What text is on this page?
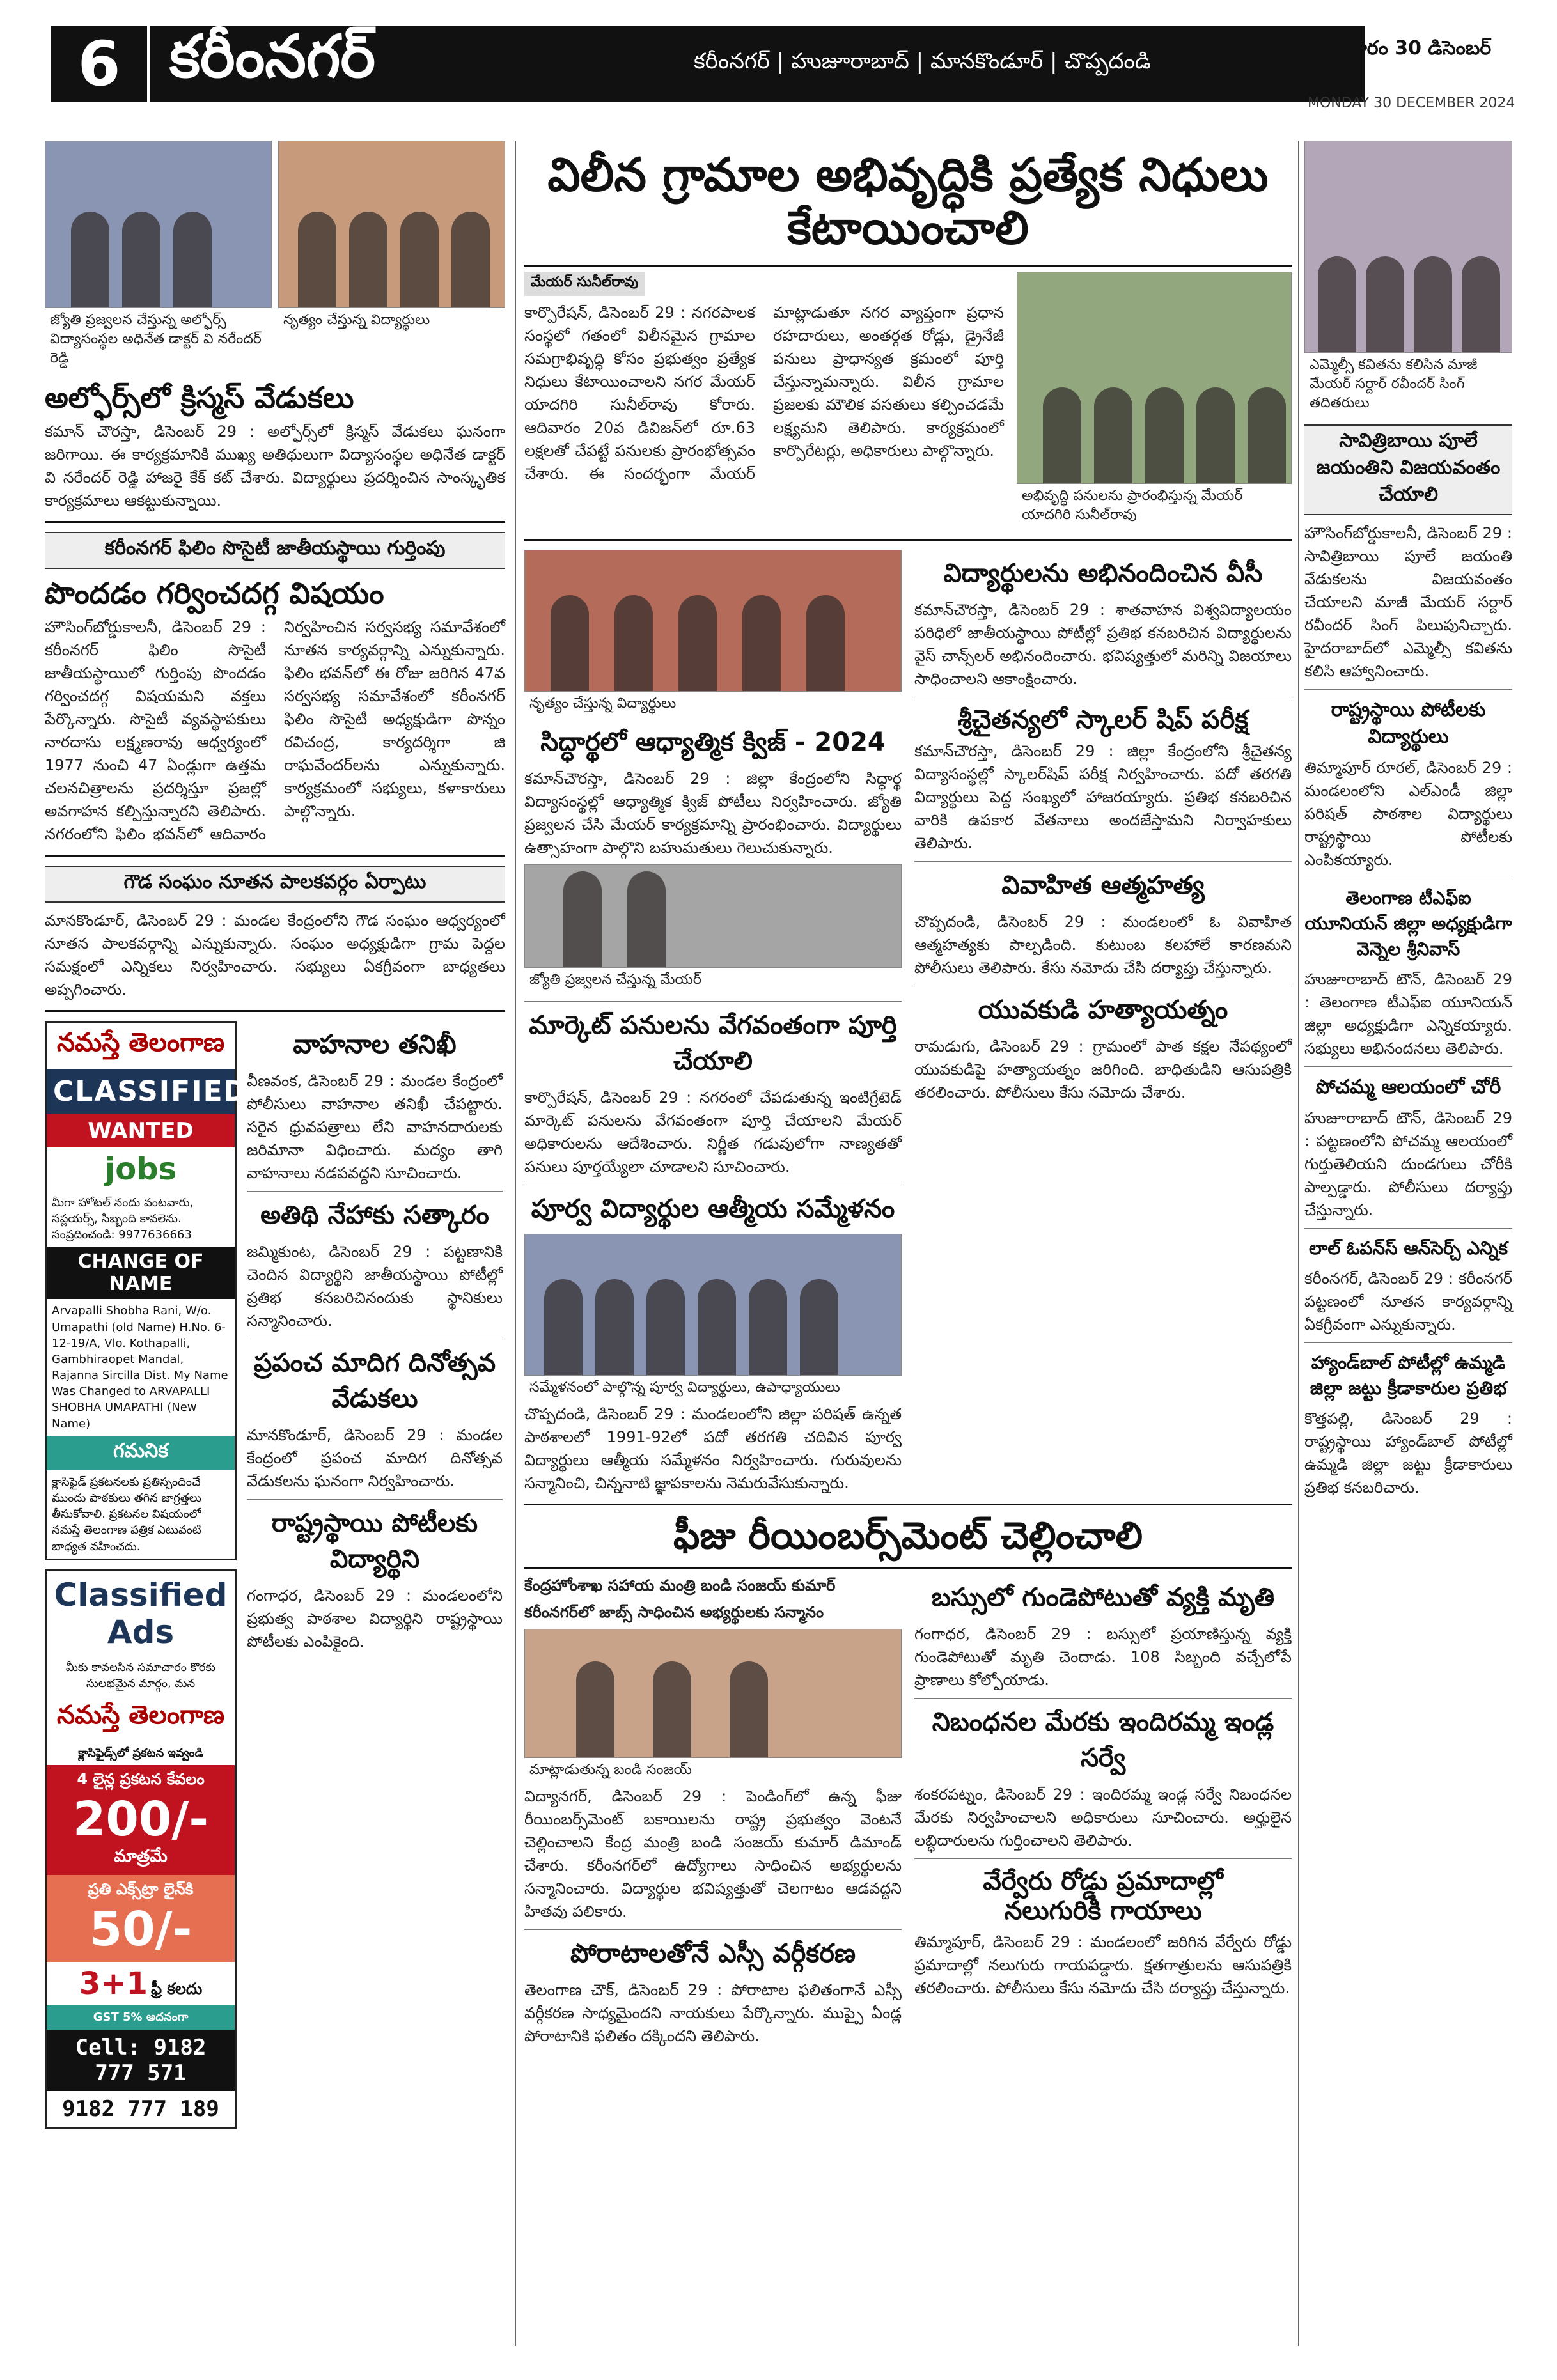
6 కరీంనగర్	కరీంనగర్ | హుజూరాబాద్ | మానకొండూర్ | చొప్పదండి
సోమవారం 30 డిసెంబర్ 2024
MONDAY 30 DECEMBER 2024
జ్యోతి ప్రజ్వలన చేస్తున్న అల్ఫోర్స్ విద్యాసంస్థల అధినేత డాక్టర్ వి నరేందర్ రెడ్డి
నృత్యం చేస్తున్న విద్యార్థులు
అల్ఫోర్స్‌లో క్రిస్మస్ వేడుకలు
కమాన్ చౌరస్తా, డిసెంబర్ 29 : అల్ఫోర్స్‌లో క్రిస్మస్ వేడుకలు ఘనంగా జరిగాయి. ఈ కార్యక్రమానికి ముఖ్య అతిథులుగా విద్యాసంస్థల అధినేత డాక్టర్ వి నరేందర్ రెడ్డి హాజరై కేక్ కట్ చేశారు. విద్యార్థులు ప్రదర్శించిన సాంస్కృతిక కార్యక్రమాలు ఆకట్టుకున్నాయి.
కరీంనగర్ ఫిలిం సొసైటీ జాతీయస్థాయి గుర్తింపు
పొందడం గర్వించదగ్గ విషయం
హౌసింగ్‌బోర్డుకాలనీ, డిసెంబర్ 29 : కరీంనగర్ ఫిలిం సొసైటీ జాతీయస్థాయిలో గుర్తింపు పొందడం గర్వించదగ్గ విషయమని వక్తలు పేర్కొన్నారు. సొసైటీ వ్యవస్థాపకులు నారదాసు లక్ష్మణరావు ఆధ్వర్యంలో 1977 నుంచి 47 ఏండ్లుగా ఉత్తమ చలనచిత్రాలను ప్రదర్శిస్తూ ప్రజల్లో అవగాహన కల్పిస్తున్నారని తెలిపారు. నగరంలోని ఫిలిం భవన్‌లో ఆదివారం నిర్వహించిన సర్వసభ్య సమావేశంలో నూతన కార్యవర్గాన్ని ఎన్నుకున్నారు. ఫిలిం భవన్‌లో ఈ రోజు జరిగిన 47వ సర్వసభ్య సమావేశంలో కరీంనగర్ ఫిలిం సొసైటీ అధ్యక్షుడిగా పొన్నం రవిచంద్ర, కార్యదర్శిగా జి రాఘవేందర్‌లను ఎన్నుకున్నారు. కార్యక్రమంలో సభ్యులు, కళాకారులు పాల్గొన్నారు.
గౌడ సంఘం నూతన పాలకవర్గం ఏర్పాటు
మానకొండూర్, డిసెంబర్ 29 : మండల కేంద్రంలోని గౌడ సంఘం ఆధ్వర్యంలో నూతన పాలకవర్గాన్ని ఎన్నుకున్నారు. సంఘం అధ్యక్షుడిగా గ్రామ పెద్దల సమక్షంలో ఎన్నికలు నిర్వహించారు. సభ్యులు ఏకగ్రీవంగా బాధ్యతలు అప్పగించారు.
నమస్తే తెలంగాణ
CLASSIFIED
WANTED
jobs
మీగా హోటల్ నందు వంటవారు, సప్లయర్స్, సిబ్బంది కావలెను. సంప్రదించండి: 9977636663
CHANGE OF NAME
Arvapalli Shobha Rani, W/o. Umapathi (old Name) H.No. 6-12-19/A, Vlo. Kothapalli, Gambhiraopet Mandal, Rajanna Sircilla Dist. My Name Was Changed to ARVAPALLI SHOBHA UMAPATHI (New Name)
గమనిక
క్లాసిఫైడ్ ప్రకటనలకు ప్రతిస్పందించే ముందు పాఠకులు తగిన జాగ్రత్తలు తీసుకోవాలి. ప్రకటనల విషయంలో నమస్తే తెలంగాణ పత్రిక ఎటువంటి బాధ్యత వహించదు.
Classified Ads
మీకు కావలసిన సమాచారం కొరకు సులభమైన మార్గం, మన
నమస్తే తెలంగాణ
క్లాసిఫైడ్స్‌లో ప్రకటన ఇవ్వండి
4 లైన్ల ప్రకటన కేవలం
200/- మాత్రమే
ప్రతి ఎక్స్‌ట్రా లైన్‌కి
50/-
3+1 ఫ్రీ కలదు
GST 5% అదనంగా
Cell: 9182 777 571
9182 777 189
వాహనాల తనిఖీ
వీణవంక, డిసెంబర్ 29 : మండల కేంద్రంలో పోలీసులు వాహనాల తనిఖీ చేపట్టారు. సరైన ధ్రువపత్రాలు లేని వాహనదారులకు జరిమానా విధించారు. మద్యం తాగి వాహనాలు నడపవద్దని సూచించారు.
అతిథి నేహాకు సత్కారం
జమ్మికుంట, డిసెంబర్ 29 : పట్టణానికి చెందిన విద్యార్థిని జాతీయస్థాయి పోటీల్లో ప్రతిభ కనబరిచినందుకు స్థానికులు సన్మానించారు.
ప్రపంచ మాదిగ దినోత్సవ వేడుకలు
మానకొండూర్, డిసెంబర్ 29 : మండల కేంద్రంలో ప్రపంచ మాదిగ దినోత్సవ వేడుకలను ఘనంగా నిర్వహించారు.
రాష్ట్రస్థాయి పోటీలకు విద్యార్థిని
గంగాధర, డిసెంబర్ 29 : మండలంలోని ప్రభుత్వ పాఠశాల విద్యార్థిని రాష్ట్రస్థాయి పోటీలకు ఎంపికైంది.
విలీన గ్రామాల అభివృద్ధికి ప్రత్యేక నిధులు కేటాయించాలి
మేయర్ సునీల్‌రావు
కార్పొరేషన్, డిసెంబర్ 29 : నగరపాలక సంస్థలో గతంలో విలీనమైన గ్రామాల సమగ్రాభివృద్ధి కోసం ప్రభుత్వం ప్రత్యేక నిధులు కేటాయించాలని నగర మేయర్ యాదగిరి సునీల్‌రావు కోరారు. ఆదివారం 20వ డివిజన్‌లో రూ.63 లక్షలతో చేపట్టే పనులకు ప్రారంభోత్సవం చేశారు. ఈ సందర్భంగా మేయర్ మాట్లాడుతూ నగర వ్యాప్తంగా ప్రధాన రహదారులు, అంతర్గత రోడ్లు, డ్రైనేజీ పనులు ప్రాధాన్యత క్రమంలో పూర్తి చేస్తున్నామన్నారు. విలీన గ్రామాల ప్రజలకు మౌలిక వసతులు కల్పించడమే లక్ష్యమని తెలిపారు. కార్యక్రమంలో కార్పొరేటర్లు, అధికారులు పాల్గొన్నారు.
అభివృద్ధి పనులను ప్రారంభిస్తున్న మేయర్ యాదగిరి సునీల్‌రావు
నృత్యం చేస్తున్న విద్యార్థులు
సిద్ధార్థలో ఆధ్యాత్మిక క్విజ్‌ - 2024
కమాన్‌చౌరస్తా, డిసెంబర్ 29 : జిల్లా కేంద్రంలోని సిద్ధార్థ విద్యాసంస్థల్లో ఆధ్యాత్మిక క్విజ్ పోటీలు నిర్వహించారు. జ్యోతి ప్రజ్వలన చేసి మేయర్ కార్యక్రమాన్ని ప్రారంభించారు. విద్యార్థులు ఉత్సాహంగా పాల్గొని బహుమతులు గెలుచుకున్నారు.
జ్యోతి ప్రజ్వలన చేస్తున్న మేయర్
మార్కెట్ పనులను వేగవంతంగా పూర్తి చేయాలి
కార్పొరేషన్, డిసెంబర్ 29 : నగరంలో చేపడుతున్న ఇంటిగ్రేటెడ్ మార్కెట్ పనులను వేగవంతంగా పూర్తి చేయాలని మేయర్ అధికారులను ఆదేశించారు. నిర్ణీత గడువులోగా నాణ్యతతో పనులు పూర్తయ్యేలా చూడాలని సూచించారు.
పూర్వ విద్యార్థుల ఆత్మీయ సమ్మేళనం
సమ్మేళనంలో పాల్గొన్న పూర్వ విద్యార్థులు, ఉపాధ్యాయులు
చొప్పదండి, డిసెంబర్ 29 : మండలంలోని జిల్లా పరిషత్ ఉన్నత పాఠశాలలో 1991-92లో పదో తరగతి చదివిన పూర్వ విద్యార్థులు ఆత్మీయ సమ్మేళనం నిర్వహించారు. గురువులను సన్మానించి, చిన్ననాటి జ్ఞాపకాలను నెమరువేసుకున్నారు.
విద్యార్థులను అభినందించిన వీసీ
కమాన్‌చౌరస్తా, డిసెంబర్ 29 : శాతవాహన విశ్వవిద్యాలయం పరిధిలో జాతీయస్థాయి పోటీల్లో ప్రతిభ కనబరిచిన విద్యార్థులను వైస్ చాన్స్‌లర్ అభినందించారు. భవిష్యత్తులో మరిన్ని విజయాలు సాధించాలని ఆకాంక్షించారు.
శ్రీచైతన్యలో స్కాలర్ షిప్ పరీక్ష
కమాన్‌చౌరస్తా, డిసెంబర్ 29 : జిల్లా కేంద్రంలోని శ్రీచైతన్య విద్యాసంస్థల్లో స్కాలర్‌షిప్ పరీక్ష నిర్వహించారు. పదో తరగతి విద్యార్థులు పెద్ద సంఖ్యలో హాజరయ్యారు. ప్రతిభ కనబరిచిన వారికి ఉపకార వేతనాలు అందజేస్తామని నిర్వాహకులు తెలిపారు.
వివాహిత ఆత్మహత్య
చొప్పదండి, డిసెంబర్ 29 : మండలంలో ఓ వివాహిత ఆత్మహత్యకు పాల్పడింది. కుటుంబ కలహాలే కారణమని పోలీసులు తెలిపారు. కేసు నమోదు చేసి దర్యాప్తు చేస్తున్నారు.
యువకుడి హత్యాయత్నం
రామడుగు, డిసెంబర్ 29 : గ్రామంలో పాత కక్షల నేపథ్యంలో యువకుడిపై హత్యాయత్నం జరిగింది. బాధితుడిని ఆసుపత్రికి తరలించారు. పోలీసులు కేసు నమోదు చేశారు.
ఫీజు రీయింబర్స్‌మెంట్ చెల్లించాలి
కేంద్రహోంశాఖ సహాయ మంత్రి బండి సంజయ్ కుమార్
కరీంనగర్‌లో జాబ్స్ సాధించిన అభ్యర్థులకు సన్మానం
మాట్లాడుతున్న బండి సంజయ్
విద్యానగర్, డిసెంబర్ 29 : పెండింగ్‌లో ఉన్న ఫీజు రీయింబర్స్‌మెంట్ బకాయిలను రాష్ట్ర ప్రభుత్వం వెంటనే చెల్లించాలని కేంద్ర మంత్రి బండి సంజయ్ కుమార్ డిమాండ్ చేశారు. కరీంనగర్‌లో ఉద్యోగాలు సాధించిన అభ్యర్థులను సన్మానించారు. విద్యార్థుల భవిష్యత్తుతో చెలగాటం ఆడవద్దని హితవు పలికారు.
పోరాటాలతోనే ఎస్సీ వర్గీకరణ
తెలంగాణ చౌక్, డిసెంబర్ 29 : పోరాటాల ఫలితంగానే ఎస్సీ వర్గీకరణ సాధ్యమైందని నాయకులు పేర్కొన్నారు. ముప్పై ఏండ్ల పోరాటానికి ఫలితం దక్కిందని తెలిపారు.
బస్సులో గుండెపోటుతో వ్యక్తి మృతి
గంగాధర, డిసెంబర్ 29 : బస్సులో ప్రయాణిస్తున్న వ్యక్తి గుండెపోటుతో మృతి చెందాడు. 108 సిబ్బంది వచ్చేలోపే ప్రాణాలు కోల్పోయాడు.
నిబంధనల మేరకు ఇందిరమ్మ ఇండ్ల సర్వే
శంకరపట్నం, డిసెంబర్ 29 : ఇందిరమ్మ ఇండ్ల సర్వే నిబంధనల మేరకు నిర్వహించాలని అధికారులు సూచించారు. అర్హులైన లబ్ధిదారులను గుర్తించాలని తెలిపారు.
వేర్వేరు రోడ్డు ప్రమాదాల్లో
నలుగురికి గాయాలు
తిమ్మాపూర్, డిసెంబర్ 29 : మండలంలో జరిగిన వేర్వేరు రోడ్డు ప్రమాదాల్లో నలుగురు గాయపడ్డారు. క్షతగాత్రులను ఆసుపత్రికి తరలించారు. పోలీసులు కేసు నమోదు చేసి దర్యాప్తు చేస్తున్నారు.
ఎమ్మెల్సీ కవితను కలిసిన మాజీ మేయర్ సర్దార్ రవీందర్ సింగ్ తదితరులు
సావిత్రిబాయి పూలే జయంతిని విజయవంతం చేయాలి
హౌసింగ్‌బోర్డుకాలనీ, డిసెంబర్ 29 : సావిత్రిబాయి పూలే జయంతి వేడుకలను విజయవంతం చేయాలని మాజీ మేయర్ సర్దార్ రవీందర్ సింగ్ పిలుపునిచ్చారు. హైదరాబాద్‌లో ఎమ్మెల్సీ కవితను కలిసి ఆహ్వానించారు.
రాష్ట్రస్థాయి పోటీలకు విద్యార్థులు
తిమ్మాపూర్ రూరల్, డిసెంబర్ 29 : మండలంలోని ఎల్‌ఎండీ జిల్లా పరిషత్ పాఠశాల విద్యార్థులు రాష్ట్రస్థాయి పోటీలకు ఎంపికయ్యారు.
తెలంగాణ టీఎఫ్‌ఐ యూనియన్ జిల్లా అధ్యక్షుడిగా వెన్నెల శ్రీనివాస్
హుజూరాబాద్ టౌన్, డిసెంబర్ 29 : తెలంగాణ టీఎఫ్‌ఐ యూనియన్ జిల్లా అధ్యక్షుడిగా ఎన్నికయ్యారు. సభ్యులు అభినందనలు తెలిపారు.
పోచమ్మ ఆలయంలో చోరీ
హుజూరాబాద్ టౌన్, డిసెంబర్ 29 : పట్టణంలోని పోచమ్మ ఆలయంలో గుర్తుతెలియని దుండగులు చోరీకి పాల్పడ్డారు. పోలీసులు దర్యాప్తు చేస్తున్నారు.
లాల్ ఓపన్‌స్ ఆన్‌సెర్చ్ ఎన్నిక
కరీంనగర్, డిసెంబర్ 29 : కరీంనగర్ పట్టణంలో నూతన కార్యవర్గాన్ని ఏకగ్రీవంగా ఎన్నుకున్నారు.
హ్యాండ్‌బాల్ పోటీల్లో ఉమ్మడి జిల్లా జట్టు క్రీడాకారుల ప్రతిభ
కొత్తపల్లి, డిసెంబర్ 29 : రాష్ట్రస్థాయి హ్యాండ్‌బాల్ పోటీల్లో ఉమ్మడి జిల్లా జట్టు క్రీడాకారులు ప్రతిభ కనబరిచారు.
